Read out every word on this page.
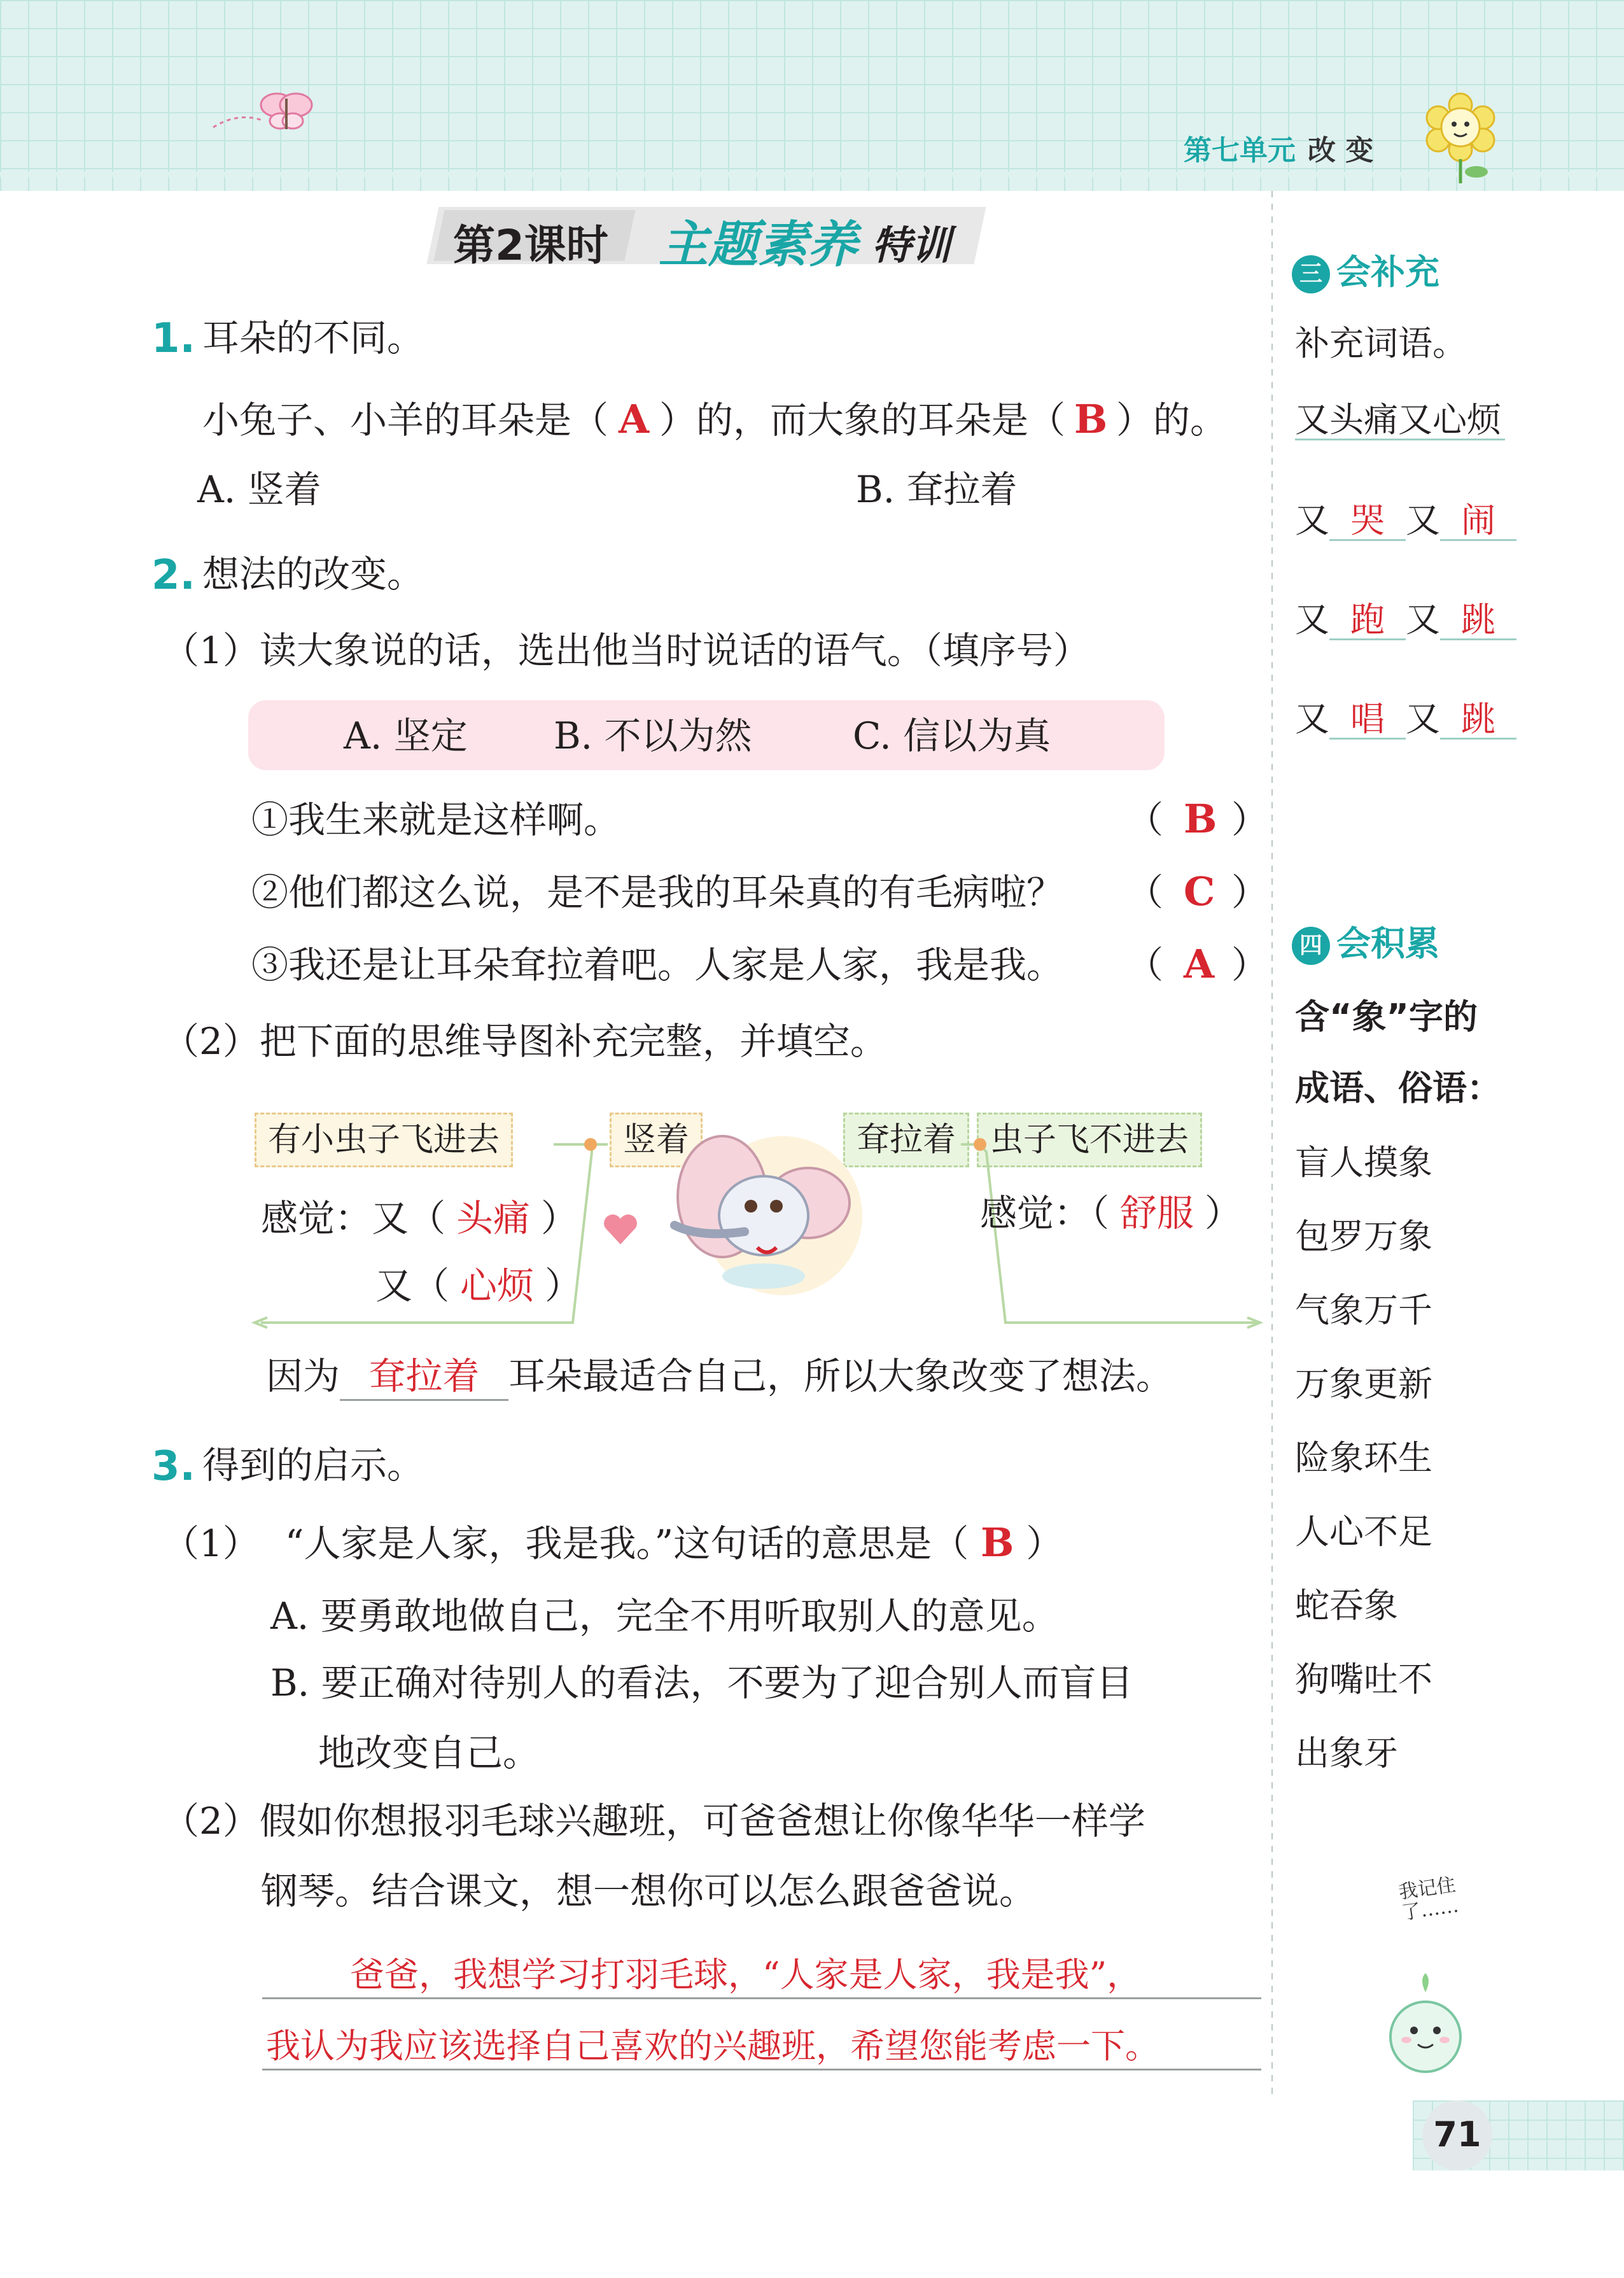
第七单元 改 变
第2课时 主题素养 特训
1. 耳朵的不同。
小兔子、小羊的耳朵是（ A ）的，而大象的耳朵是（ B ）的。
A. 竖着	B. 耷拉着
2. 想法的改变。
（1）读大象说的话，选出他当时说话的语气。（填序号）
A. 坚定 B. 不以为然	C. 信以为真
①我生来就是这样啊。	（ B ）
②他们都这么说，是不是我的耳朵真的有毛病啦？ （ C ）
③我还是让耳朵耷拉着吧。人家是人家，我是我。 （ A ）
（2）把下面的思维导图补充完整，并填空。
有小虫子飞进去	竖着	耷拉着	虫子飞不进去
感觉：又（ 头痛 ）
又（ 心烦 ）
感觉：（ 舒服 ）
因为 耷拉着 耳朵最适合自己，所以大象改变了想法。
3. 得到的启示。
（1） “人家是人家，我是我。”这句话的意思是（ B ）
A. 要勇敢地做自己，完全不用听取别人的意见。
B. 要正确对待别人的看法，不要为了迎合别人而盲目
地改变自己。
（2）假如你想报羽毛球兴趣班，可爸爸想让你像华华一样学
钢琴。结合课文，想一想你可以怎么跟爸爸说。
爸爸，我想学习打羽毛球，“人家是人家，我是我”，
我认为我应该选择自己喜欢的兴趣班，希望您能考虑一下。
三 会补充
补充词语。
又头痛又心烦
又 哭 又 闹
又 跑 又 跳
又 唱 又 跳
四 会积累
含“象”字的
成语、俗语：
盲人摸象
包罗万象
气象万千
万象更新
险象环生
人心不足
蛇吞象
狗嘴吐不
出象牙
我记住了……
71
